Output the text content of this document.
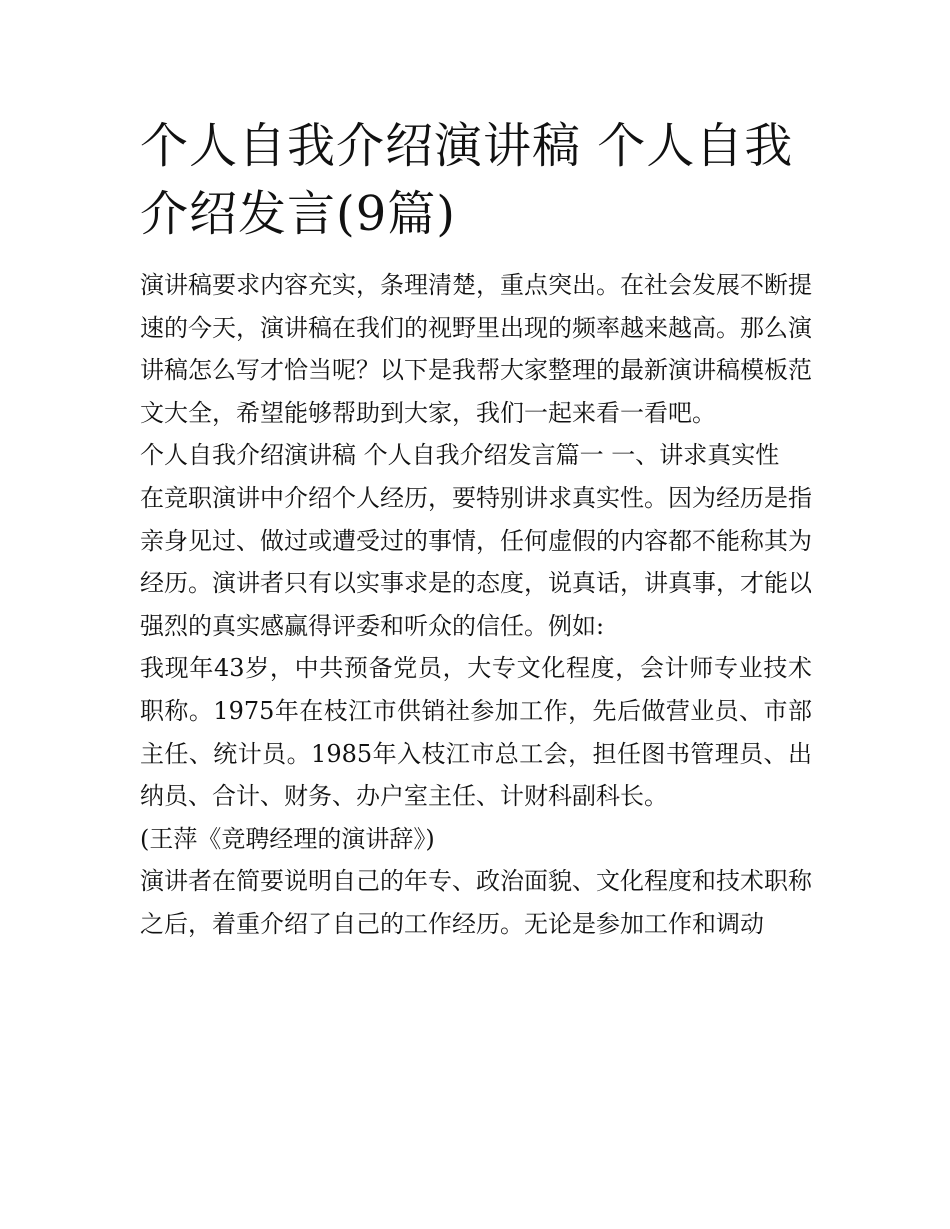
个人自我介绍演讲稿 个人自我介绍发言(9篇)

演讲稿要求内容充实，条理清楚，重点突出。在社会发展不断提速的今天，演讲稿在我们的视野里出现的频率越来越高。那么演讲稿怎么写才恰当呢？以下是我帮大家整理的最新演讲稿模板范文大全，希望能够帮助到大家，我们一起来看一看吧。

个人自我介绍演讲稿 个人自我介绍发言篇一 一、讲求真实性

在竞职演讲中介绍个人经历，要特别讲求真实性。因为经历是指亲身见过、做过或遭受过的事情，任何虚假的内容都不能称其为经历。演讲者只有以实事求是的态度，说真话，讲真事，才能以强烈的真实感赢得评委和听众的信任。例如:

我现年43岁，中共预备党员，大专文化程度，会计师专业技术职称。1975年在枝江市供销社参加工作，先后做营业员、市部主任、统计员。1985年入枝江市总工会，担任图书管理员、出纳员、合计、财务、办户室主任、计财科副科长。

(王萍《竞聘经理的演讲辞》)

演讲者在简要说明自己的年专、政治面貌、文化程度和技术职称之后，着重介绍了自己的工作经历。无论是参加工作和调动
